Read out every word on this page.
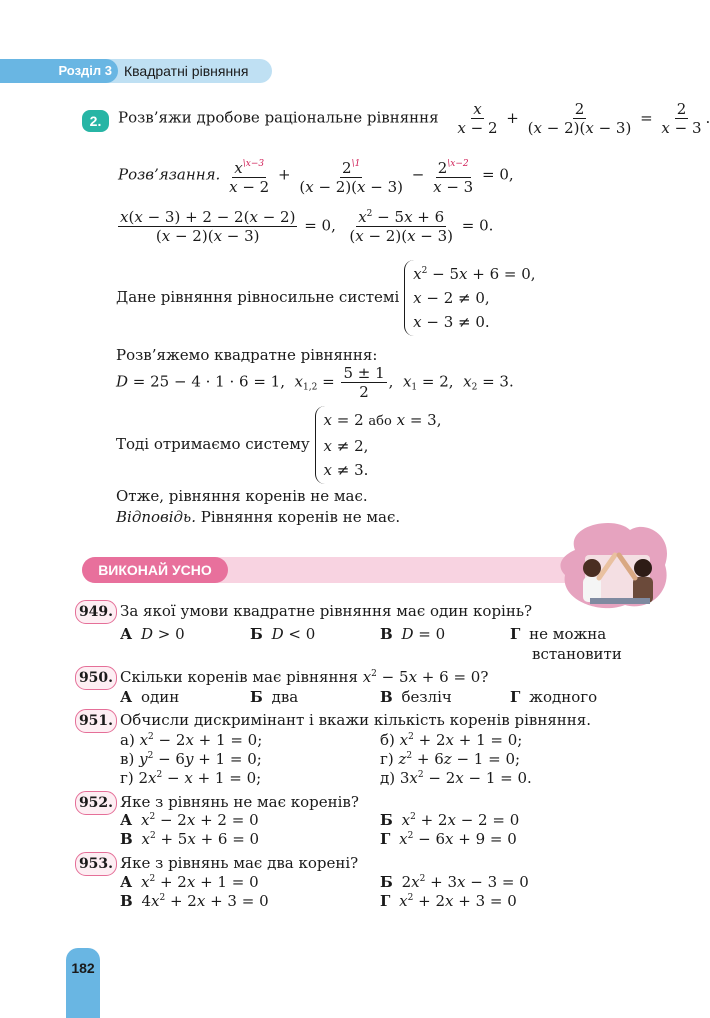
Розділ 3 Квадратні рівняння
2.	Розв’яжи дробове раціональне рівняння $\frac{x}{x - 2} + \frac{2}{(x - 2)(x - 3)} = \frac{2}{x - 3}$ .
Розв’язання. $\frac{x^{\backslash x-3}}{x - 2} + \frac{2^{\backslash 1}}{(x - 2)(x - 3)} - \frac{2^{\backslash x-2}}{x - 3} = 0$,
$\frac{x(x - 3) + 2 - 2(x - 2)}{(x - 2)(x - 3)} = 0$, $\frac{x^2 - 5x + 6}{(x - 2)(x - 3)} = 0$.
Дане рівняння рівносильне системі
$x^2 - 5x + 6 = 0$,
x − 2 ≠ 0,
x − 3 ≠ 0.
Розв’яжемо квадратне рівняння:
D = 25 − 4 · 1 · 6 = 1,  $x_{1,2} = \frac{5 \pm 1}{2}$ ,  $x_1 = 2$,  $x_2 = 3$.
Тоді отримаємо систему
x = 2 або x = 3,
x ≠ 2,
x ≠ 3.
Отже, рівняння коренів не має.
Відповідь. Рівняння коренів не має.
ВИКОНАЙ УСНО
949. За якої умови квадратне рівняння має один корінь?
А D > 0	Б D < 0	В D = 0	Г не можна
встановити
950. Скільки коренів має рівняння $x^2 - 5x + 6 = 0$?
А один	Б два	В безліч	Г жодного
951. Обчисли дискримінант і вкажи кількість коренів рівняння.
а) $x^2 - 2x + 1 = 0$;	б) $x^2 + 2x + 1 = 0$;
в) $y^2 - 6y + 1 = 0$;	г) $z^2 + 6z - 1 = 0$;
г) $2x^2 - x + 1 = 0$;	д) $3x^2 - 2x - 1 = 0$.
952. Яке з рівнянь не має коренів?
А $x^2 - 2x + 2 = 0$	Б $x^2 + 2x - 2 = 0$
В $x^2 + 5x + 6 = 0$	Г $x^2 - 6x + 9 = 0$
953. Яке з рівнянь має два корені?
А $x^2 + 2x + 1 = 0$	Б $2x^2 + 3x - 3 = 0$
В $4x^2 + 2x + 3 = 0$	Г $x^2 + 2x + 3 = 0$
182
